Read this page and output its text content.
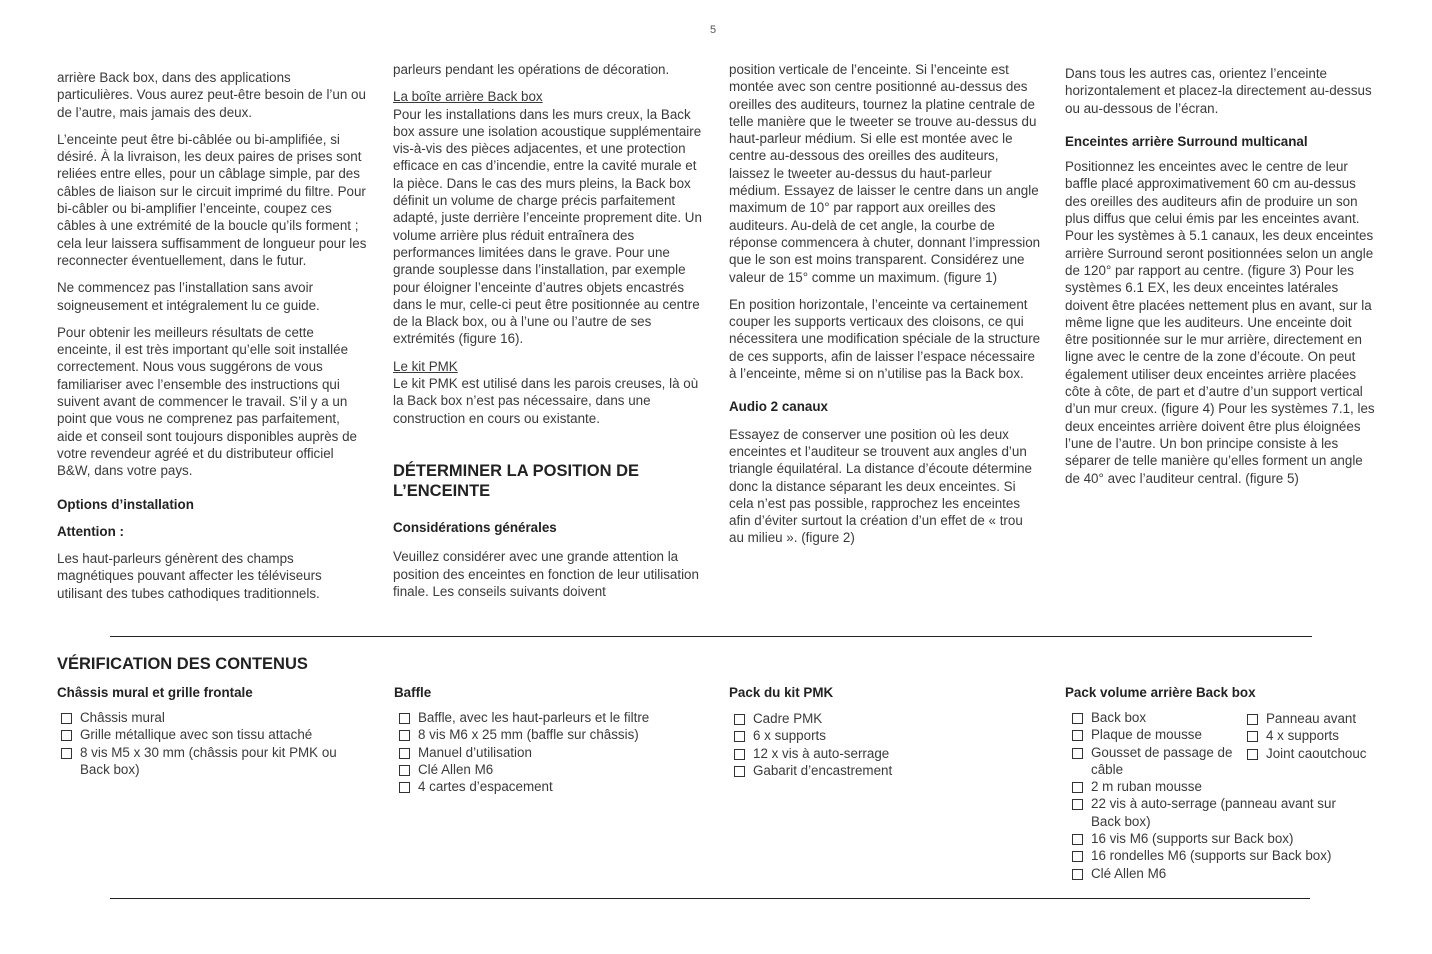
5

arrière Back box, dans des applications particulières. Vous aurez peut-être besoin de l’un ou de l’autre, mais jamais des deux.

L’enceinte peut être bi-câblée ou bi-amplifiée, si désiré. À la livraison, les deux paires de prises sont reliées entre elles, pour un câblage simple, par des câbles de liaison sur le circuit imprimé du filtre. Pour bi-câbler ou bi-amplifier l’enceinte, coupez ces câbles à une extrémité de la boucle qu’ils forment ; cela leur laissera suffisamment de longueur pour les reconnecter éventuellement, dans le futur.

Ne commencez pas l’installation sans avoir soigneusement et intégralement lu ce guide.

Pour obtenir les meilleurs résultats de cette enceinte, il est très important qu’elle soit installée correctement. Nous vous suggérons de vous familiariser avec l’ensemble des instructions qui suivent avant de commencer le travail. S’il y a un point que vous ne comprenez pas parfaitement, aide et conseil sont toujours disponibles auprès de votre revendeur agréé et du distributeur officiel B&W, dans votre pays.

Options d’installation

Attention :

Les haut-parleurs génèrent des champs magnétiques pouvant affecter les téléviseurs utilisant des tubes cathodiques traditionnels.

parleurs pendant les opérations de décoration.

La boîte arrière Back box
Pour les installations dans les murs creux, la Back box assure une isolation acoustique supplémentaire vis-à-vis des pièces adjacentes, et une protection efficace en cas d’incendie, entre la cavité murale et la pièce. Dans le cas des murs pleins, la Back box définit un volume de charge précis parfaitement adapté, juste derrière l’enceinte proprement dite. Un volume arrière plus réduit entraînera des performances limitées dans le grave. Pour une grande souplesse dans l’installation, par exemple pour éloigner l’enceinte d’autres objets encastrés dans le mur, celle-ci peut être positionnée au centre de la Black box, ou à l’une ou l’autre de ses extrémités (figure 16).

Le kit PMK
Le kit PMK est utilisé dans les parois creuses, là où la Back box n’est pas nécessaire, dans une construction en cours ou existante.

DÉTERMINER LA POSITION DE L’ENCEINTE

Considérations générales

Veuillez considérer avec une grande attention la position des enceintes en fonction de leur utilisation finale. Les conseils suivants doivent

position verticale de l’enceinte. Si l’enceinte est montée avec son centre positionné au-dessus des oreilles des auditeurs, tournez la platine centrale de telle manière que le tweeter se trouve au-dessus du haut-parleur médium. Si elle est montée avec le centre au-dessous des oreilles des auditeurs, laissez le tweeter au-dessus du haut-parleur médium. Essayez de laisser le centre dans un angle maximum de 10° par rapport aux oreilles des auditeurs. Au-delà de cet angle, la courbe de réponse commencera à chuter, donnant l’impression que le son est moins transparent. Considérez une valeur de 15° comme un maximum. (figure 1)

En position horizontale, l’enceinte va certainement couper les supports verticaux des cloisons, ce qui nécessitera une modification spéciale de la structure de ces supports, afin de laisser l’espace nécessaire à l’enceinte, même si on n’utilise pas la Back box.

Audio 2 canaux

Essayez de conserver une position où les deux enceintes et l’auditeur se trouvent aux angles d’un triangle équilatéral. La distance d’écoute détermine donc la distance séparant les deux enceintes. Si cela n’est pas possible, rapprochez les enceintes afin d’éviter surtout la création d’un effet de « trou au milieu ». (figure 2)

Dans tous les autres cas, orientez l’enceinte horizontalement et placez-la directement au-dessus ou au-dessous de l’écran.

Enceintes arrière Surround multicanal

Positionnez les enceintes avec le centre de leur baffle placé approximativement 60 cm au-dessus des oreilles des auditeurs afin de produire un son plus diffus que celui émis par les enceintes avant. Pour les systèmes à 5.1 canaux, les deux enceintes arrière Surround seront positionnées selon un angle de 120° par rapport au centre. (figure 3) Pour les systèmes 6.1 EX, les deux enceintes latérales doivent être placées nettement plus en avant, sur la même ligne que les auditeurs. Une enceinte doit être positionnée sur le mur arrière, directement en ligne avec le centre de la zone d’écoute. On peut également utiliser deux enceintes arrière placées côte à côte, de part et d’autre d’un support vertical d’un mur creux. (figure 4) Pour les systèmes 7.1, les deux enceintes arrière doivent être plus éloignées l’une de l’autre. Un bon principe consiste à les séparer de telle manière qu’elles forment un angle de 40° avec l’auditeur central. (figure 5)

VÉRIFICATION DES CONTENUS
Châssis mural et grille frontale
Châssis mural
Grille métallique avec son tissu attaché
8 vis M5 x 30 mm (châssis pour kit PMK ou Back box)
Baffle
Baffle, avec les haut-parleurs et le filtre
8 vis M6 x 25 mm (baffle sur châssis)
Manuel d’utilisation
Clé Allen M6
4 cartes d’espacement
Pack du kit PMK
Cadre PMK
6 x supports
12 x vis à auto-serrage
Gabarit d’encastrement
Pack volume arrière Back box
Back box
Plaque de mousse
Gousset de passage de câble
2 m ruban mousse
22 vis à auto-serrage (panneau avant sur Back box)
16 vis M6 (supports sur Back box)
16 rondelles M6 (supports sur Back box)
Clé Allen M6
Panneau avant
4 x supports
Joint caoutchouc
